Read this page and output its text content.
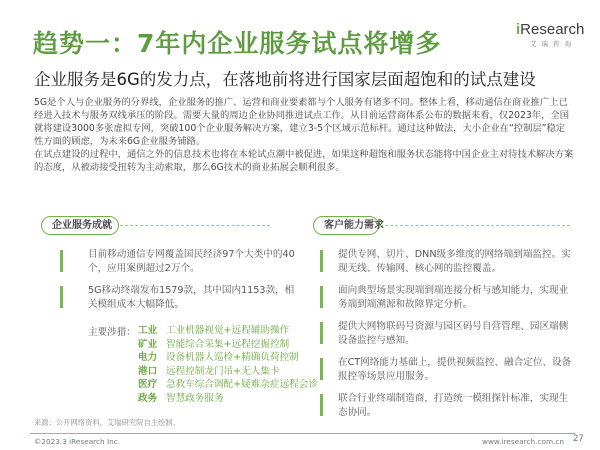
趋势一：7年内企业服务试点将增多
企业服务是6G的发力点，在落地前将进行国家层面超饱和的试点建设
iResearch
艾瑞咨询

5G是个人与企业服务的分界线，企业服务的推广、运营和商业要素都与个人服务有诸多不同。整体上看，移动通信在商业推广上已经进入技术与服务双线承压的阶段。需要大量的周边企业协同推进试点工作。从目前运营商体系公布的数据来看，仅2023年，全国就将建设3000多张虚拟专网，突破100个企业服务解决方案，建立3-5个区域示范标杆。通过这种做法，大小企业在“控制层”稳定性方面的顾虑，为未来6G企业服务铺路。

在试点建设的过程中，通信之外的信息技术也将在本轮试点潮中被促进，如果这种超饱和服务状态能将中国企业主对待技术解决方案的态度，从被动接受扭转为主动索取，那么6G技术的商业拓展会顺利很多。

企业服务成就	客户能力需求
目前移动通信专网覆盖国民经济97个大类中的40个，应用案例超过2万个。
5G移动终端发布1579款，其中国内1153款，相关模组成本大幅降低。
主要涉猎： 工业 工业机器视觉+远程辅助操作
矿业 智能综合采集+远程挖掘控制
电力 设备机器人巡检+精确负荷控制
港口 远程控制龙门吊+无人集卡
医疗 急救车综合调配+疑难杂症远程会诊
政务 智慧政务服务
提供专网、切片、DNN级多维度的网络端到端监控。实现无线、传输网、核心网的监控覆盖。
面向典型场景实现端到端连接分析与感知能力，实现业务端到端溯源和故障界定分析。
提供大网物联码号资源与园区码号自营管理、园区端侧设备监控与感知。
在CT网络能力基础上，提供视频监控、融合定位、设备报控等场景应用服务。
联合行业终端制造商，打造统一模组探针标准，实现生态协同。
来源：公开网络资料，艾瑞研究院自主绘制。
©2023.3 iResearch Inc.	www.iresearch.com.cn 27
